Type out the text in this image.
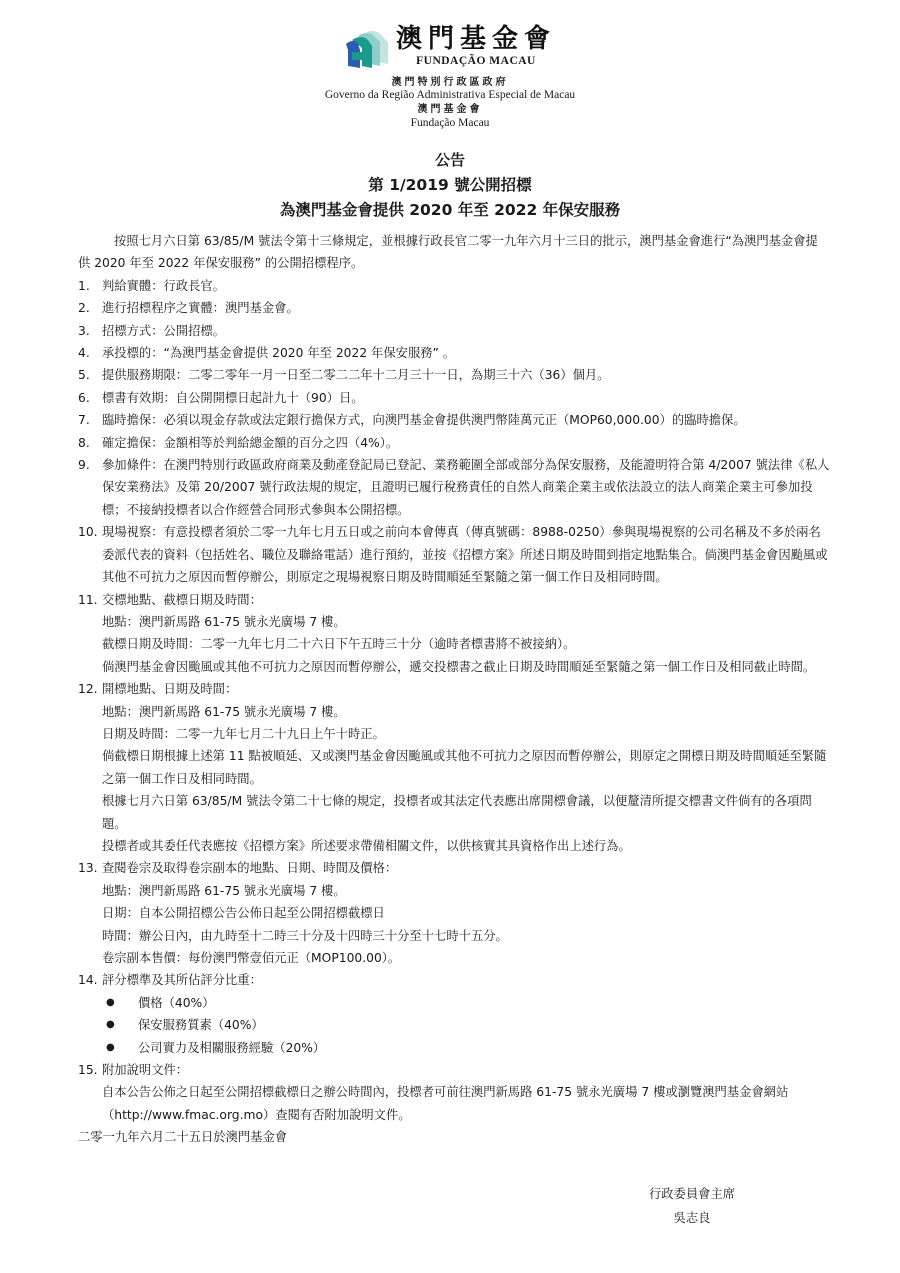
澳門基金會
FUNDAÇÃO MACAU
澳門特別行政區政府
Governo da Região Administrativa Especial de Macau
澳門基金會
Fundação Macau
公告
第 1/2019 號公開招標
為澳門基金會提供 2020 年至 2022 年保安服務

按照七月六日第 63/85/M 號法令第十三條規定，並根據行政長官二零一九年六月十三日的批示，澳門基金會進行“為澳門基金會提供 2020 年至 2022 年保安服務” 的公開招標程序。

1. 判給實體：行政長官。
2. 進行招標程序之實體：澳門基金會。
3. 招標方式：公開招標。
4. 承投標的：“為澳門基金會提供 2020 年至 2022 年保安服務” 。
5. 提供服務期限：二零二零年一月一日至二零二二年十二月三十一日，為期三十六（36）個月。
6. 標書有效期：自公開開標日起計九十（90）日。
7. 臨時擔保：必須以現金存款或法定銀行擔保方式，向澳門基金會提供澳門幣陸萬元正（MOP60,000.00）的臨時擔保。
8. 確定擔保：金額相等於判給總金額的百分之四（4%）。
9. 參加條件：在澳門特別行政區政府商業及動產登記局已登記、業務範圍全部或部分為保安服務，及能證明符合第 4/2007 號法律《私人保安業務法》及第 20/2007 號行政法規的規定，且證明已履行稅務責任的自然人商業企業主或依法設立的法人商業企業主可參加投標；不接納投標者以合作經營合同形式參與本公開招標。
10. 現場視察：有意投標者須於二零一九年七月五日或之前向本會傳真（傳真號碼：8988-0250）參與現場視察的公司名稱及不多於兩名委派代表的資料（包括姓名、職位及聯絡電話）進行預約，並按《招標方案》所述日期及時間到指定地點集合。倘澳門基金會因颱風或其他不可抗力之原因而暫停辦公，則原定之現場視察日期及時間順延至緊隨之第一個工作日及相同時間。
11. 交標地點、截標日期及時間：
地點：澳門新馬路 61-75 號永光廣場 7 樓。
截標日期及時間：二零一九年七月二十六日下午五時三十分（逾時者標書將不被接納）。
倘澳門基金會因颱風或其他不可抗力之原因而暫停辦公，遞交投標書之截止日期及時間順延至緊隨之第一個工作日及相同截止時間。
12. 開標地點、日期及時間：
地點：澳門新馬路 61-75 號永光廣場 7 樓。
日期及時間：二零一九年七月二十九日上午十時正。
倘截標日期根據上述第 11 點被順延、又或澳門基金會因颱風或其他不可抗力之原因而暫停辦公，則原定之開標日期及時間順延至緊隨之第一個工作日及相同時間。
根據七月六日第 63/85/M 號法令第二十七條的規定，投標者或其法定代表應出席開標會議，以便釐清所提交標書文件倘有的各項問題。
投標者或其委任代表應按《招標方案》所述要求帶備相關文件，以供核實其具資格作出上述行為。
13. 查閱卷宗及取得卷宗副本的地點、日期、時間及價格：
地點：澳門新馬路 61-75 號永光廣場 7 樓。
日期：自本公開招標公告公佈日起至公開招標截標日
時間：辦公日內，由九時至十二時三十分及十四時三十分至十七時十五分。
卷宗副本售價：每份澳門幣壹佰元正（MOP100.00）。
14. 評分標準及其所佔評分比重：
●	價格（40%）
●	保安服務質素（40%）
●	公司實力及相關服務經驗（20%）
15. 附加說明文件：
自本公告公佈之日起至公開招標截標日之辦公時間內，投標者可前往澳門新馬路 61-75 號永光廣場 7 樓或瀏覽澳門基金會網站（http://www.fmac.org.mo）查閱有否附加說明文件。
二零一九年六月二十五日於澳門基金會
行政委員會主席
吳志良
